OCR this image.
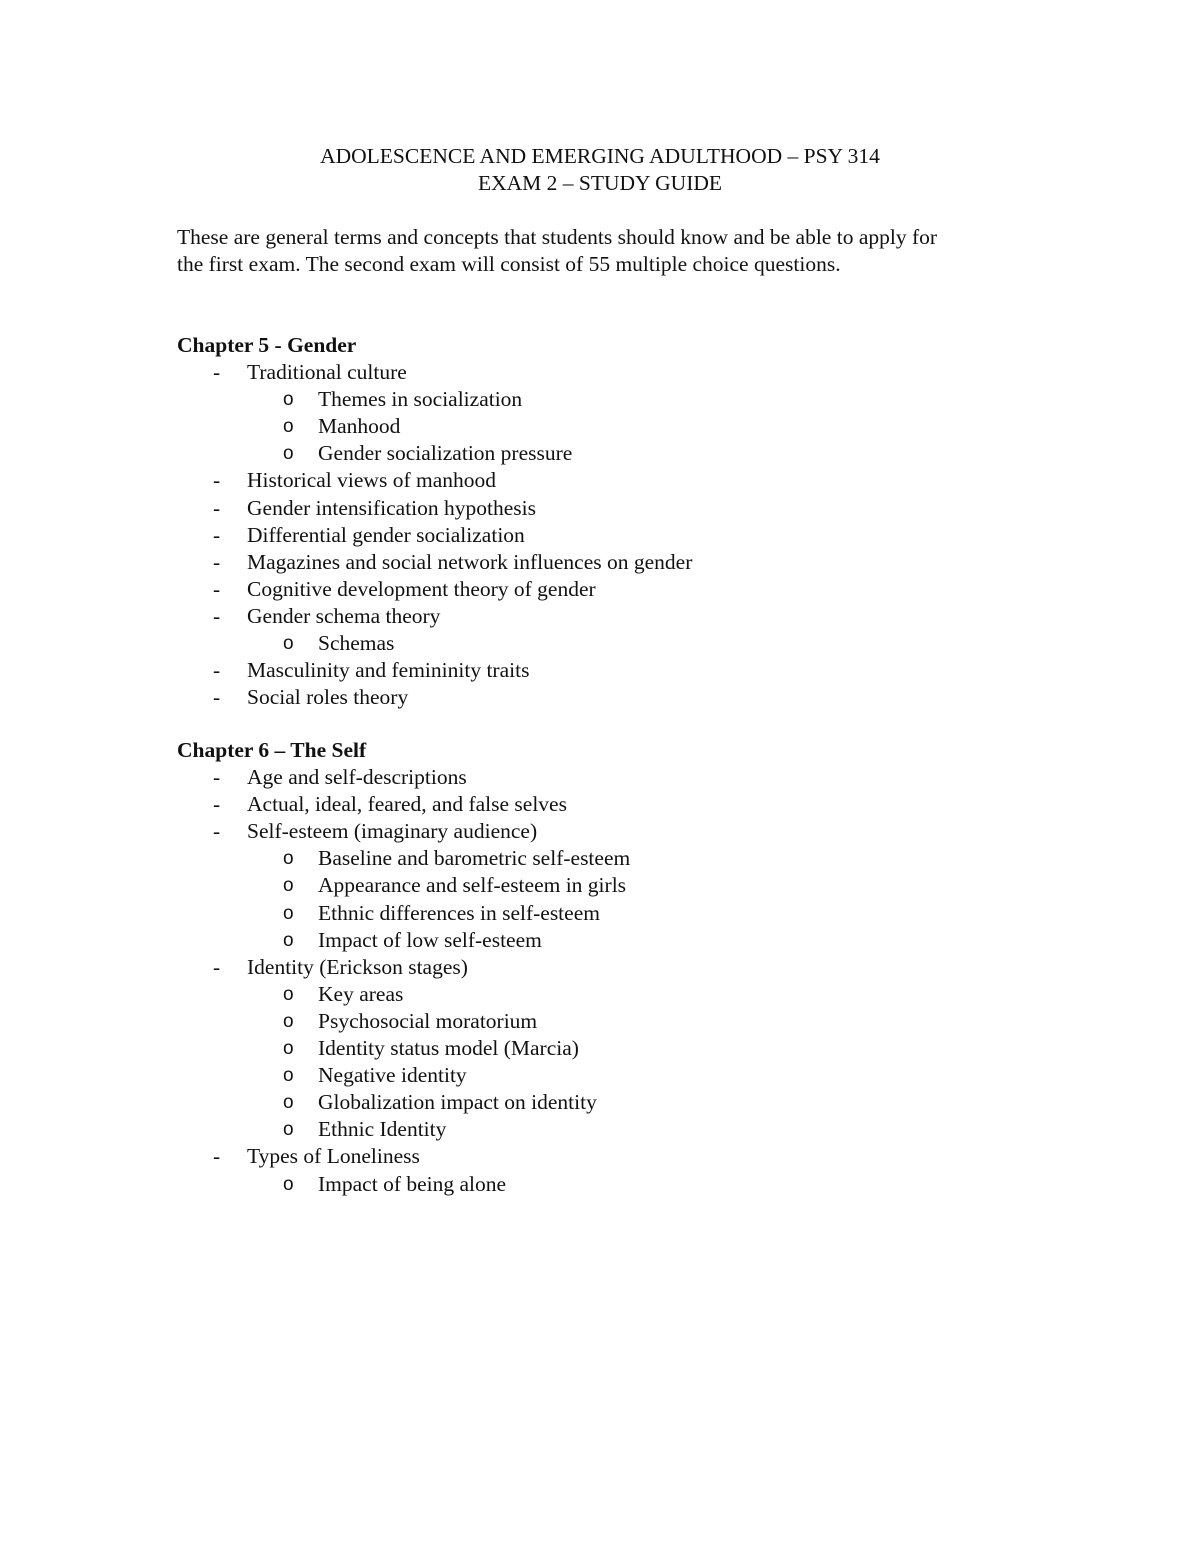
ADOLESCENCE AND EMERGING ADULTHOOD – PSY 314
EXAM 2 – STUDY GUIDE

These are general terms and concepts that students should know and be able to apply for

the first exam. The second exam will consist of 55 multiple choice questions.

Chapter 5 - Gender

- Traditional culture
o Themes in socialization
o Manhood
o Gender socialization pressure
- Historical views of manhood
- Gender intensification hypothesis
- Differential gender socialization
- Magazines and social network influences on gender
- Cognitive development theory of gender
- Gender schema theory
o Schemas
- Masculinity and femininity traits
- Social roles theory

Chapter 6 – The Self

- Age and self-descriptions
- Actual, ideal, feared, and false selves
- Self-esteem (imaginary audience)
o Baseline and barometric self-esteem
o Appearance and self-esteem in girls
o Ethnic differences in self-esteem
o Impact of low self-esteem
- Identity (Erickson stages)
o Key areas
o Psychosocial moratorium
o Identity status model (Marcia)
o Negative identity
o Globalization impact on identity
o Ethnic Identity
- Types of Loneliness
o Impact of being alone
